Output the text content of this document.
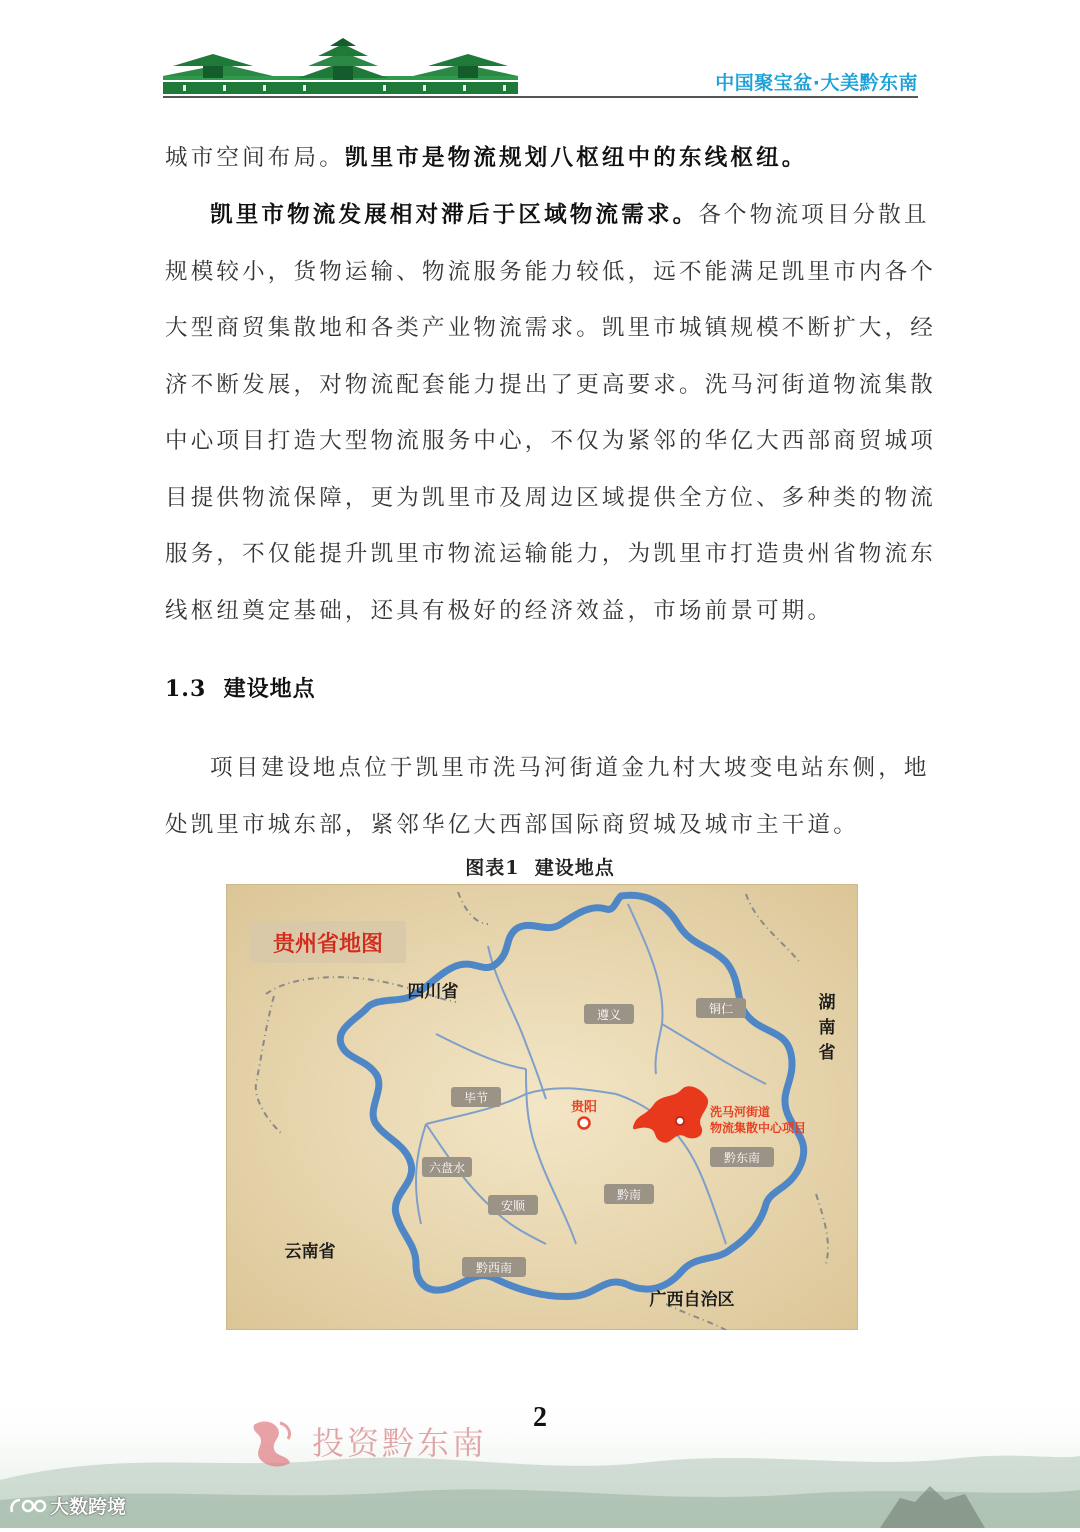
中国聚宝盆·大美黔东南
城市空间布局。凯里市是物流规划八枢纽中的东线枢纽。
凯里市物流发展相对滞后于区域物流需求。各个物流项目分散且
规模较小，货物运输、物流服务能力较低，远不能满足凯里市内各个
大型商贸集散地和各类产业物流需求。凯里市城镇规模不断扩大，经
济不断发展，对物流配套能力提出了更高要求。洗马河街道物流集散
中心项目打造大型物流服务中心，不仅为紧邻的华亿大西部商贸城项
目提供物流保障，更为凯里市及周边区域提供全方位、多种类的物流
服务，不仅能提升凯里市物流运输能力，为凯里市打造贵州省物流东
线枢纽奠定基础，还具有极好的经济效益，市场前景可期。
1.3 建设地点
项目建设地点位于凯里市洗马河街道金九村大坡变电站东侧，地
处凯里市城东部，紧邻华亿大西部国际商贸城及城市主干道。
图表1 建设地点
贵州省地图
四川省
湖
南
省
云南省
广西自治区
遵义	铜仁
毕节
六盘水
安顺
黔南
黔西南
黔东南
贵阳	洗马河街道
物流集散中心项目
投资黔东南
2
大数跨境
